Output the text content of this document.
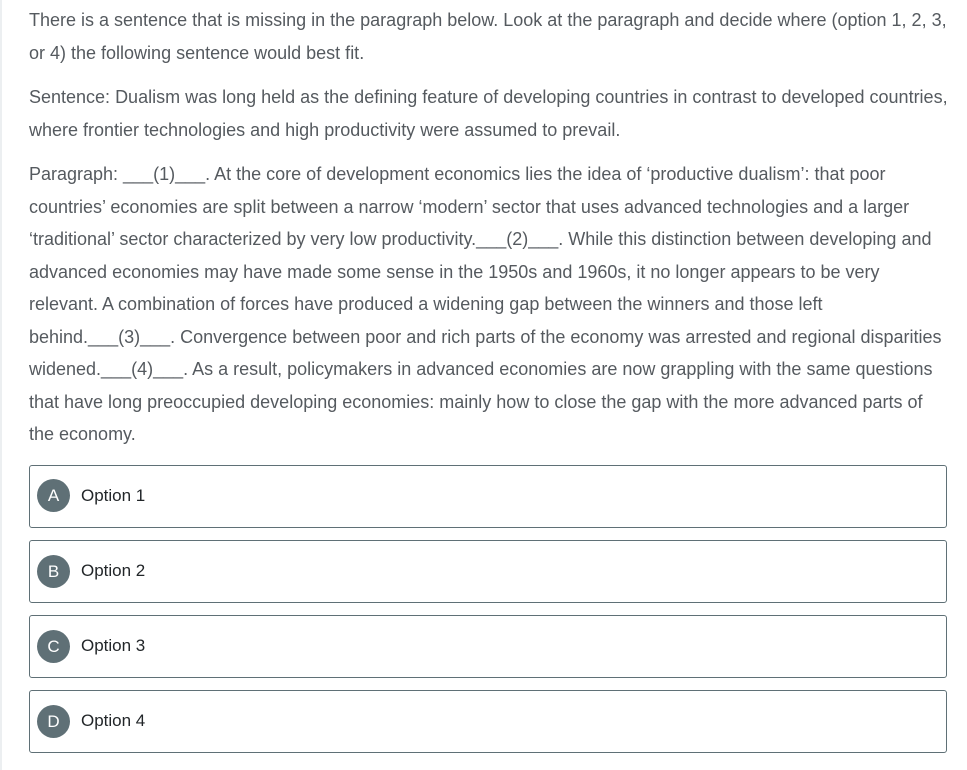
There is a sentence that is missing in the paragraph below. Look at the paragraph and decide where (option 1, 2, 3, or 4) the following sentence would best fit.

Sentence: Dualism was long held as the defining feature of developing countries in contrast to developed countries, where frontier technologies and high productivity were assumed to prevail.

Paragraph: ___(1)___. At the core of development economics lies the idea of ‘productive dualism’: that poor countries’ economies are split between a narrow ‘modern’ sector that uses advanced technologies and a larger ‘traditional’ sector characterized by very low productivity.___(2)___. While this distinction between developing and advanced economies may have made some sense in the 1950s and 1960s, it no longer appears to be very relevant. A combination of forces have produced a widening gap between the winners and those left behind.___(3)___. Convergence between poor and rich parts of the economy was arrested and regional disparities widened.___(4)___. As a result, policymakers in advanced economies are now grappling with the same questions that have long preoccupied developing economies: mainly how to close the gap with the more advanced parts of the economy.

A	Option 1
B	Option 2
C	Option 3
D	Option 4
